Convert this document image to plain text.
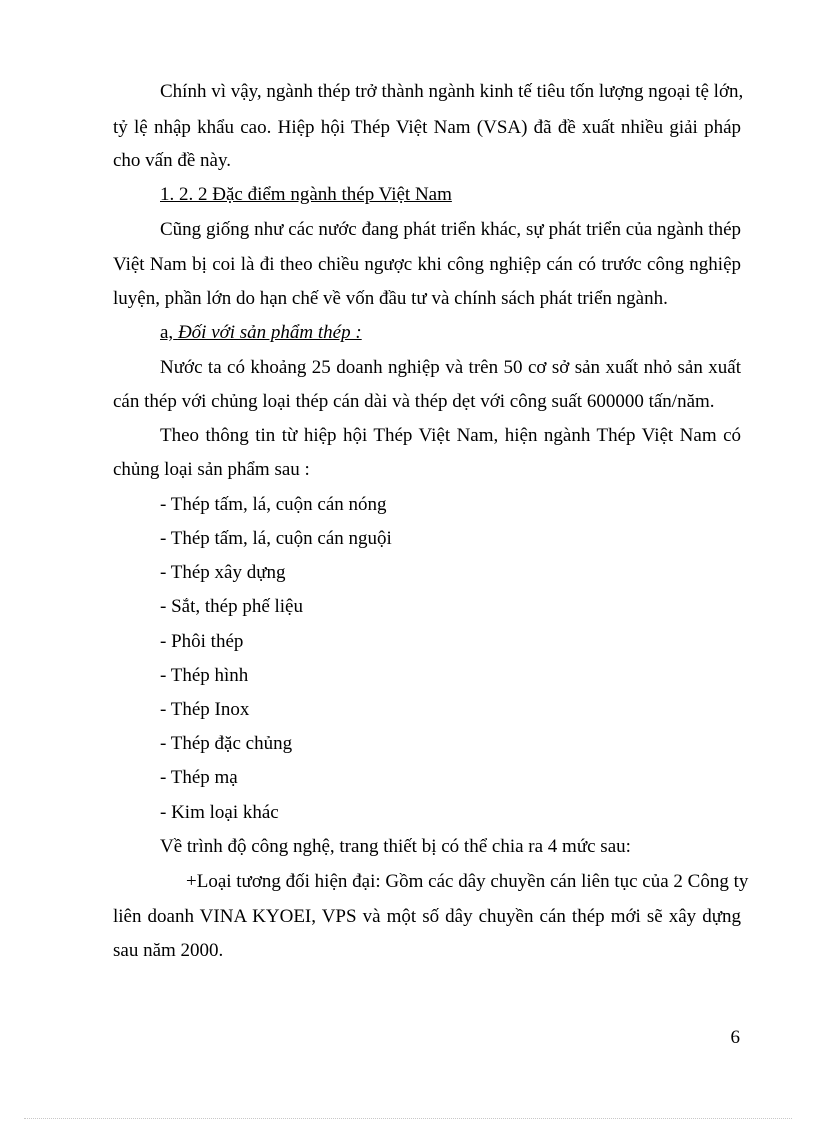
Chính vì vậy, ngành thép trở thành ngành kinh tế tiêu tốn lượng ngoại tệ lớn,
tỷ lệ nhập khẩu cao. Hiệp hội Thép Việt Nam (VSA) đã đề xuất nhiều giải pháp
cho vấn đề này.
1. 2. 2 Đặc điểm ngành thép Việt Nam
Cũng giống như các nước đang phát triển khác, sự phát triển của ngành thép
Việt Nam bị coi là đi theo chiều ngược khi công nghiệp cán có trước công nghiệp
luyện, phần lớn do hạn chế về vốn đầu tư và chính sách phát triển ngành.
a, Đối với sản phẩm thép :
Nước ta có khoảng 25 doanh nghiệp và trên 50 cơ sở sản xuất nhỏ sản xuất
cán thép với chủng loại thép cán dài và thép dẹt với công suất 600000 tấn/năm.
Theo thông tin từ hiệp hội Thép Việt Nam, hiện ngành Thép Việt Nam có
chủng loại sản phẩm sau :
- Thép tấm, lá, cuộn cán nóng
- Thép tấm, lá, cuộn cán nguội
- Thép xây dựng
- Sắt, thép phế liệu
- Phôi thép
- Thép hình
- Thép Inox
- Thép đặc chủng
- Thép mạ
- Kim loại khác
Về trình độ công nghệ, trang thiết bị có thể chia ra 4 mức sau:
+Loại tương đối hiện đại: Gồm các dây chuyền cán liên tục của 2 Công ty
liên doanh VINA KYOEI, VPS và một số dây chuyền cán thép mới sẽ xây dựng
sau năm 2000.
6
